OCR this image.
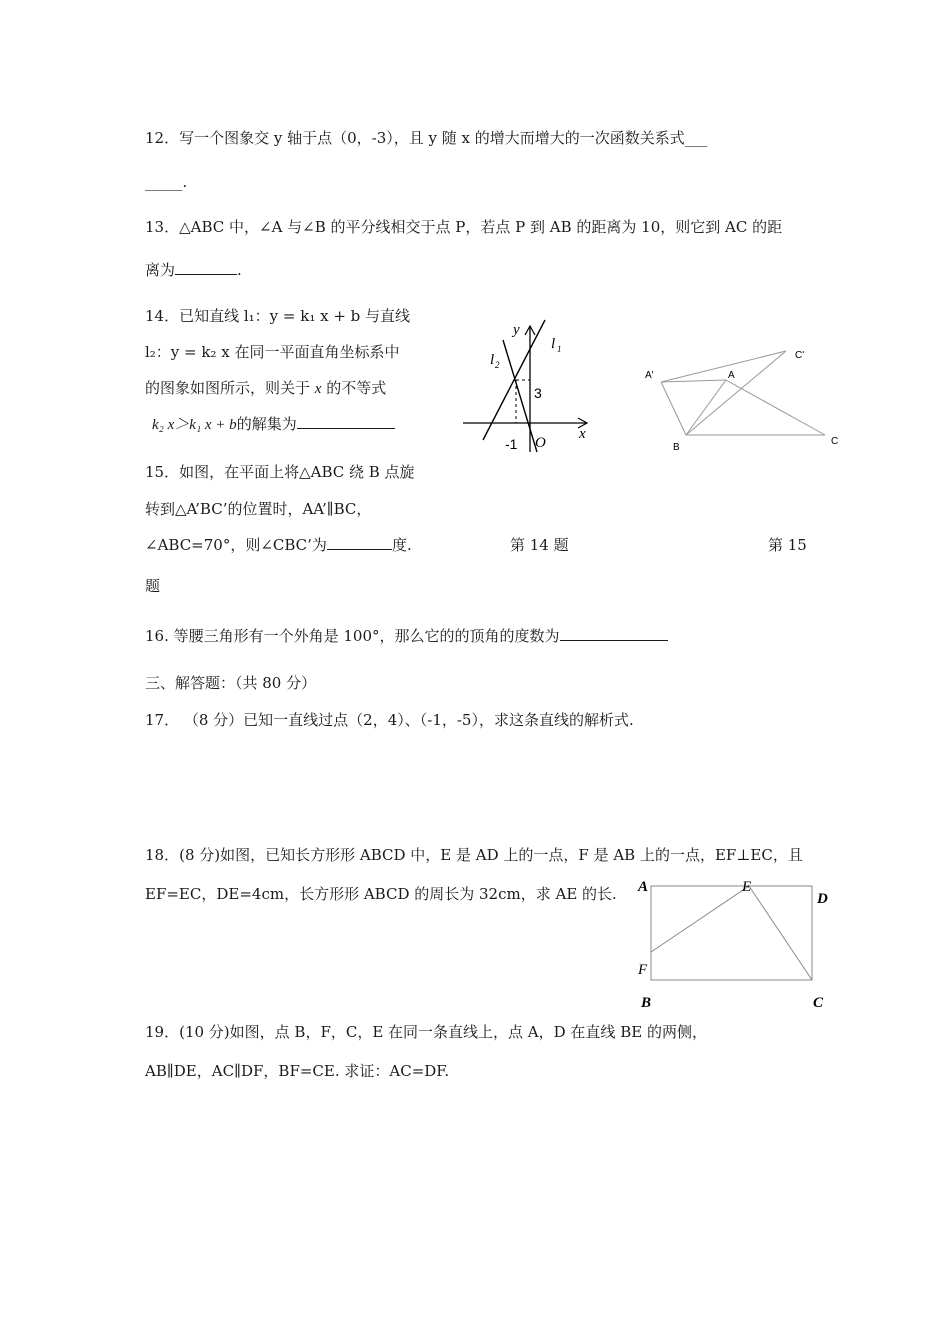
12．写一个图象交 y 轴于点（0，-3），且 y 随 x 的增大而增大的一次函数关系式___
_____.
13．△ABC 中，∠A 与∠B 的平分线相交于点 P，若点 P 到 AB 的距离为 10，则它到 AC 的距
离为	.
14．已知直线 l₁：y = k₁ x + b 与直线
l₂：y = k₂ x 在同一平面直角坐标系中
的图象如图所示，则关于 x 的不等式
k₂ x＞k₁ x + b的解集为
y
l 1
l 2
3
x
-1 O
A'	A
C'
B
C
15．如图，在平面上将△ABC 绕 B 点旋
转到△A’BC’的位置时，AA’∥BC，
∠ABC=70°，则∠CBC’为	度.	第 14 题	第 15
题
16. 等腰三角形有一个外角是 100°，那么它的的顶角的度数为
三、解答题：（共 80 分）
17． （8 分）已知一直线过点（2，4）、（-1，-5），求这条直线的解析式.
18．(8 分)如图，已知长方形形 ABCD 中，E 是 AD 上的一点，F 是 AB 上的一点，EF⊥EC，且
EF=EC，DE=4cm，长方形形 ABCD 的周长为 32cm，求 AE 的长. A	E
D
F
B	C
19．(10 分)如图，点 B，F，C，E 在同一条直线上，点 A，D 在直线 BE 的两侧，
AB∥DE，AC∥DF，BF=CE. 求证：AC=DF.
